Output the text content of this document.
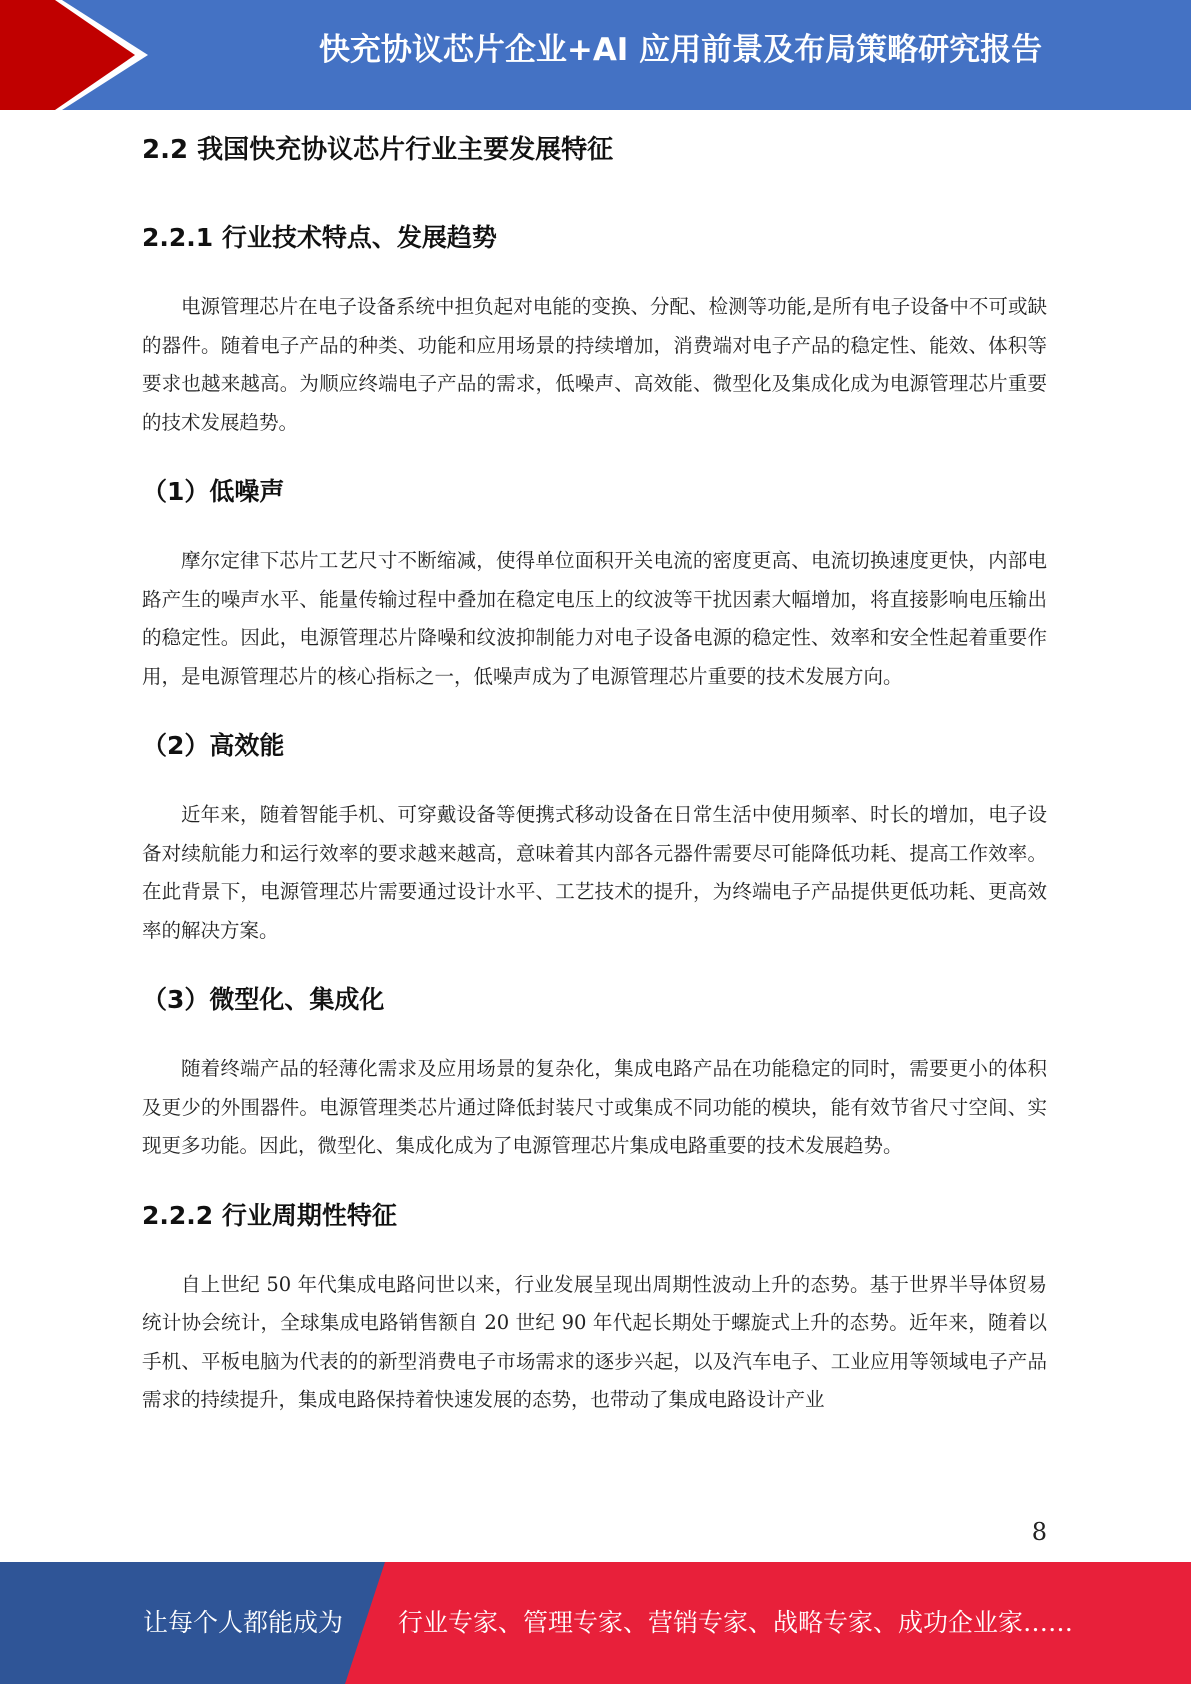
快充协议芯片企业+AI 应用前景及布局策略研究报告
2.2 我国快充协议芯片行业主要发展特征
2.2.1 行业技术特点、发展趋势

电源管理芯片在电子设备系统中担负起对电能的变换、分配、检测等功能,是所有电子设备中不可或缺的器件。随着电子产品的种类、功能和应用场景的持续增加，消费端对电子产品的稳定性、能效、体积等要求也越来越高。为顺应终端电子产品的需求，低噪声、高效能、微型化及集成化成为电源管理芯片重要的技术发展趋势。

（1）低噪声

摩尔定律下芯片工艺尺寸不断缩减，使得单位面积开关电流的密度更高、电流切换速度更快，内部电路产生的噪声水平、能量传输过程中叠加在稳定电压上的纹波等干扰因素大幅增加，将直接影响电压输出的稳定性。因此，电源管理芯片降噪和纹波抑制能力对电子设备电源的稳定性、效率和安全性起着重要作用，是电源管理芯片的核心指标之一，低噪声成为了电源管理芯片重要的技术发展方向。

（2）高效能

近年来，随着智能手机、可穿戴设备等便携式移动设备在日常生活中使用频率、时长的增加，电子设备对续航能力和运行效率的要求越来越高，意味着其内部各元器件需要尽可能降低功耗、提高工作效率。在此背景下，电源管理芯片需要通过设计水平、工艺技术的提升，为终端电子产品提供更低功耗、更高效率的解决方案。

（3）微型化、集成化

随着终端产品的轻薄化需求及应用场景的复杂化，集成电路产品在功能稳定的同时，需要更小的体积及更少的外围器件。电源管理类芯片通过降低封装尺寸或集成不同功能的模块，能有效节省尺寸空间、实现更多功能。因此，微型化、集成化成为了电源管理芯片集成电路重要的技术发展趋势。

2.2.2 行业周期性特征

自上世纪 50 年代集成电路问世以来，行业发展呈现出周期性波动上升的态势。基于世界半导体贸易统计协会统计，全球集成电路销售额自 20 世纪 90 年代起长期处于螺旋式上升的态势。近年来，随着以手机、平板电脑为代表的的新型消费电子市场需求的逐步兴起，以及汽车电子、工业应用等领域电子产品需求的持续提升，集成电路保持着快速发展的态势，也带动了集成电路设计产业

8
让每个人都能成为 行业专家、管理专家、营销专家、战略专家、成功企业家……
